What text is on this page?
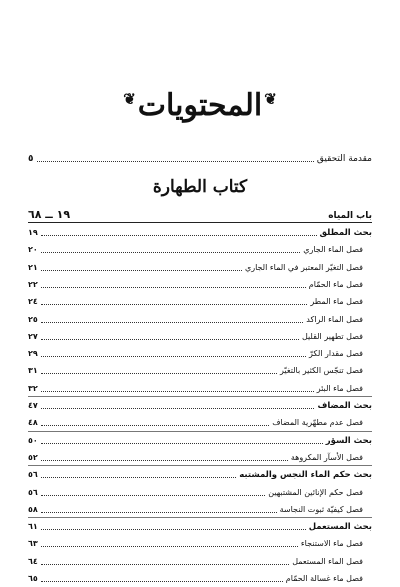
❦المحتويات❦
مقدمة التحقيق
٥
كتاب الطهارة
باب المياه
١٩ ــ ٦٨
بحث المطلق
١٩
فصل الماء الجاري
٢٠
فصل التغيّر المعتبر في الماء الجاري
٢١
فصل ماء الحمّام
٢٢
فصل ماء المطر
٢٤
فصل الماء الراكد
٢٥
فصل تطهير القليل
٢٧
فصل مقدار الكرّ
٢٩
فصل تنجّس الكثير بالتغيّر
٣١
فصل ماء البئر
٣٢
بحث المضاف
٤٧
فصل عدم مطهّرية المضاف
٤٨
بحث السؤر
٥٠
فصل الأسآر المكروهة
٥٢
بحث حكم الماء النجس والمشتبه
٥٦
فصل حكم الإنائين المشتبهين
٥٦
فصل كيفيّة ثبوت النجاسة
٥٨
بحث المستعمل
٦١
فصل ماء الاستنجاء
٦٣
فصل الماء المستعمل
٦٤
فصل ماء غسالة الحمّام
٦٥
